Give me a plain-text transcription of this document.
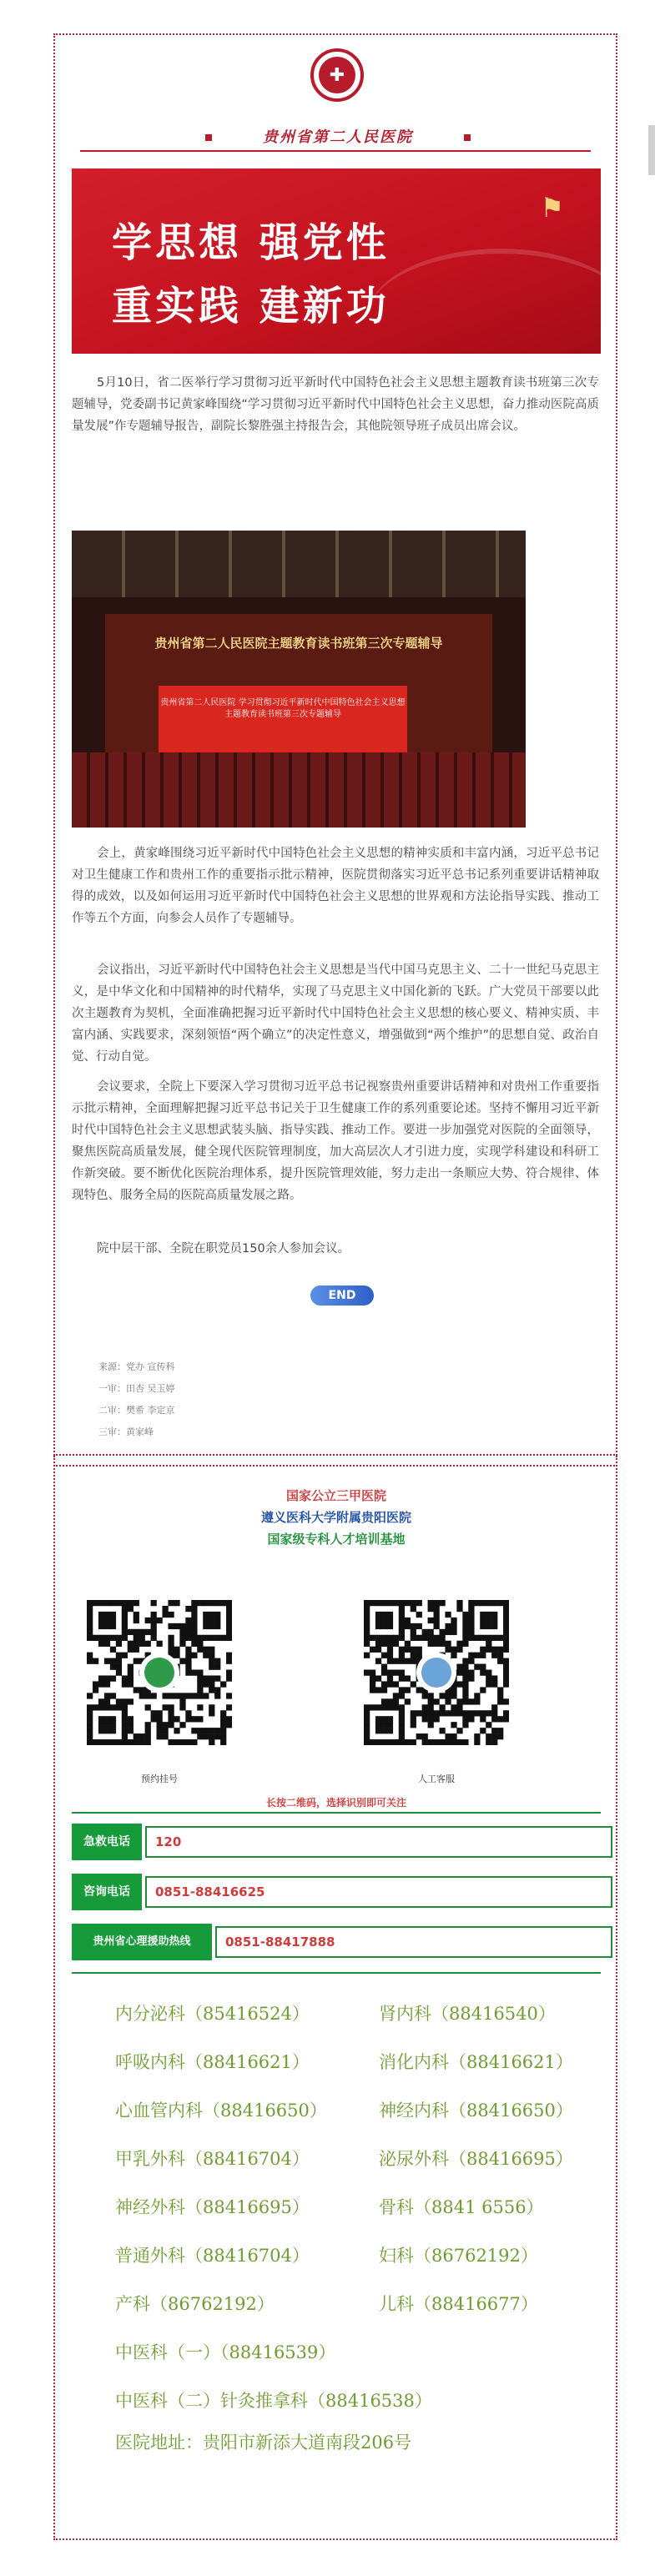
✚
贵州省第二人民医院
学思想 强党性
重实践 建新功
⚑

5月10日，省二医举行学习贯彻习近平新时代中国特色社会主义思想主题教育读书班第三次专题辅导，党委副书记黄家峰围绕“学习贯彻习近平新时代中国特色社会主义思想，奋力推动医院高质量发展”作专题辅导报告，副院长黎胜强主持报告会，其他院领导班子成员出席会议。

贵州省第二人民医院主题教育读书班第三次专题辅导
贵州省第二人民医院 学习贯彻习近平新时代中国特色社会主义思想 主题教育读书班第三次专题辅导

会上，黄家峰围绕习近平新时代中国特色社会主义思想的精神实质和丰富内涵，习近平总书记对卫生健康工作和贵州工作的重要指示批示精神，医院贯彻落实习近平总书记系列重要讲话精神取得的成效，以及如何运用习近平新时代中国特色社会主义思想的世界观和方法论指导实践、推动工作等五个方面，向参会人员作了专题辅导。

会议指出，习近平新时代中国特色社会主义思想是当代中国马克思主义、二十一世纪马克思主义，是中华文化和中国精神的时代精华，实现了马克思主义中国化新的飞跃。广大党员干部要以此次主题教育为契机，全面准确把握习近平新时代中国特色社会主义思想的核心要义、精神实质、丰富内涵、实践要求，深刻领悟“两个确立”的决定性意义，增强做到“两个维护”的思想自觉、政治自觉、行动自觉。

会议要求，全院上下要深入学习贯彻习近平总书记视察贵州重要讲话精神和对贵州工作重要指示批示精神，全面理解把握习近平总书记关于卫生健康工作的系列重要论述。坚持不懈用习近平新时代中国特色社会主义思想武装头脑、指导实践、推动工作。要进一步加强党对医院的全面领导，聚焦医院高质量发展，健全现代医院管理制度，加大高层次人才引进力度，实现学科建设和科研工作新突破。要不断优化医院治理体系，提升医院管理效能，努力走出一条顺应大势、符合规律、体现特色、服务全局的医院高质量发展之路。

院中层干部、全院在职党员150余人参加会议。

END
来源：党办 宣传科
一审：田杏 吴玉婷
二审：樊希 李定京
三审：黄家峰
国家公立三甲医院
遵义医科大学附属贵阳医院
国家级专科人才培训基地
预约挂号	人工客服
长按二维码，选择识别即可关注
急救电话	120
咨询电话	0851-88416625
贵州省心理援助热线	0851-88417888
内分泌科（85416524）	肾内科（88416540）
呼吸内科（88416621）	消化内科（88416621）
心血管内科（88416650）	神经内科（88416650）
甲乳外科（88416704）	泌尿外科（88416695）
神经外科（88416695）	骨科（8841 6556）
普通外科（88416704）	妇科（86762192）
产科（86762192）	儿科（88416677）
中医科（一）（88416539）
中医科（二）针灸推拿科（88416538）
医院地址：贵阳市新添大道南段206号
